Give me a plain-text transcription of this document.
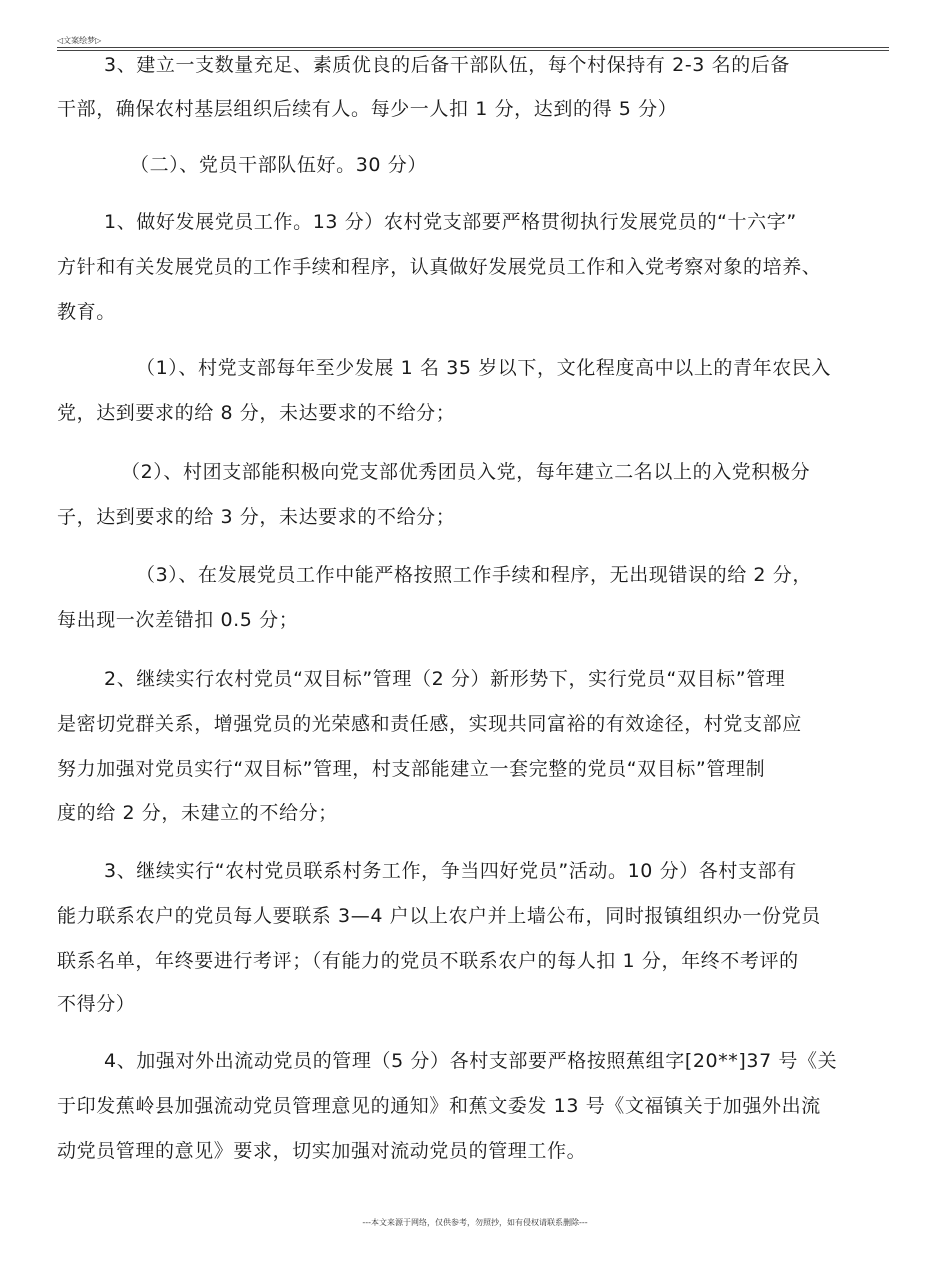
◁文案绘梦▷
3、建立一支数量充足、素质优良的后备干部队伍，每个村保持有 2-3 名的后备
干部，确保农村基层组织后续有人。每少一人扣 1 分，达到的得 5 分）
（二）、党员干部队伍好。30 分）
1、做好发展党员工作。13 分）农村党支部要严格贯彻执行发展党员的“十六字”
方针和有关发展党员的工作手续和程序，认真做好发展党员工作和入党考察对象的培养、
教育。
（1）、村党支部每年至少发展 1 名 35 岁以下，文化程度高中以上的青年农民入
党，达到要求的给 8 分，未达要求的不给分；
（2）、村团支部能积极向党支部优秀团员入党，每年建立二名以上的入党积极分
子，达到要求的给 3 分，未达要求的不给分；
（3）、在发展党员工作中能严格按照工作手续和程序，无出现错误的给 2 分，
每出现一次差错扣 0.5 分；
2、继续实行农村党员“双目标”管理（2 分）新形势下，实行党员“双目标”管理
是密切党群关系，增强党员的光荣感和责任感，实现共同富裕的有效途径，村党支部应
努力加强对党员实行“双目标”管理，村支部能建立一套完整的党员“双目标”管理制
度的给 2 分，未建立的不给分；
3、继续实行“农村党员联系村务工作，争当四好党员”活动。10 分）各村支部有
能力联系农户的党员每人要联系 3—4 户以上农户并上墙公布，同时报镇组织办一份党员
联系名单，年终要进行考评；（有能力的党员不联系农户的每人扣 1 分，年终不考评的
不得分）
4、加强对外出流动党员的管理（5 分）各村支部要严格按照蕉组字[20**]37 号《关
于印发蕉岭县加强流动党员管理意见的通知》和蕉文委发 13 号《文福镇关于加强外出流
动党员管理的意见》要求，切实加强对流动党员的管理工作。
---本文来源于网络，仅供参考，勿照抄，如有侵权请联系删除---
